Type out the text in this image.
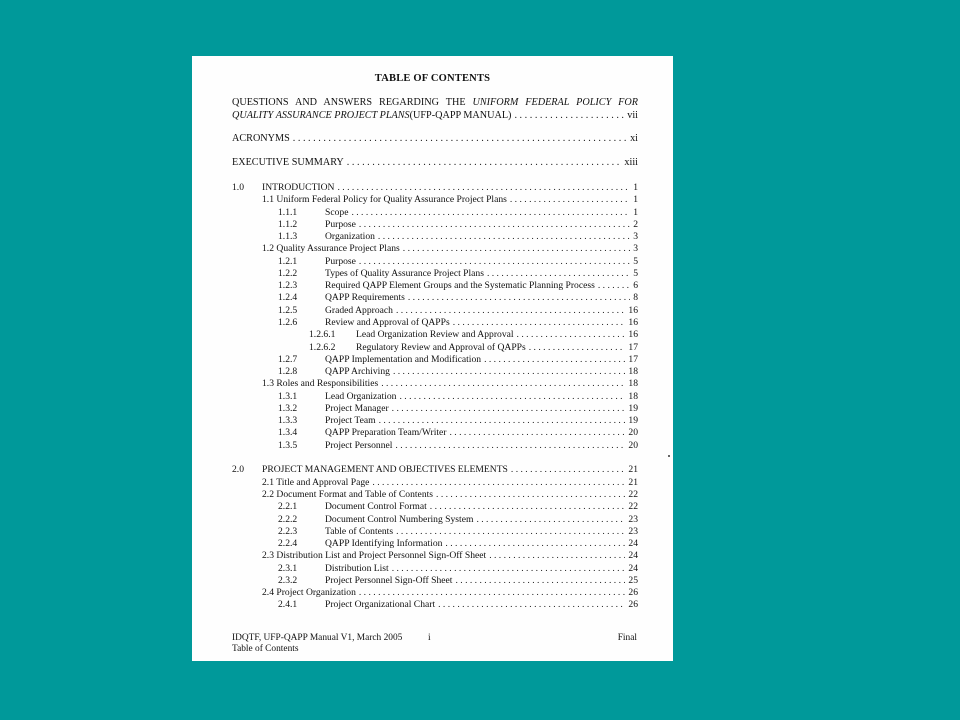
TABLE OF CONTENTS
QUESTIONS AND ANSWERS REGARDING THE UNIFORM FEDERAL POLICY FOR
QUALITY ASSURANCE PROJECT PLANS (UFP-QAPP MANUAL) . . .	vii
ACRONYMS . . .	xi
EXECUTIVE SUMMARY . . .	xiii
1.0 INTRODUCTION . . .	1
1.1 Uniform Federal Policy for Quality Assurance Project Plans . . .	1
1.1.1	Scope . . .	1
1.1.2	Purpose . . .	2
1.1.3	Organization . . .	3
1.2 Quality Assurance Project Plans . . .	3
1.2.1	Purpose . . .	5
1.2.2	Types of Quality Assurance Project Plans . . .	5
1.2.3	Required QAPP Element Groups and the Systematic Planning Process . . .	6
1.2.4	QAPP Requirements . . .	8
1.2.5	Graded Approach . . .	16
1.2.6	Review and Approval of QAPPs . . .	16
1.2.6.1 Lead Organization Review and Approval . . .	16
1.2.6.2 Regulatory Review and Approval of QAPPs . . .	17
1.2.7	QAPP Implementation and Modification . . .	17
1.2.8	QAPP Archiving . . .	18
1.3 Roles and Responsibilities . . .	18
1.3.1	Lead Organization . . .	18
1.3.2	Project Manager . . .	19
1.3.3	Project Team . . .	19
1.3.4	QAPP Preparation Team/Writer . . .	20
1.3.5	Project Personnel . . .	20
2.0 PROJECT MANAGEMENT AND OBJECTIVES ELEMENTS . . .	21
2.1 Title and Approval Page . . .	21
2.2 Document Format and Table of Contents . . .	22
2.2.1	Document Control Format . . .	22
2.2.2	Document Control Numbering System . . .	23
2.2.3	Table of Contents . . .	23
2.2.4	QAPP Identifying Information . . .	24
2.3 Distribution List and Project Personnel Sign-Off Sheet . . .	24
2.3.1	Distribution List . . .	24
2.3.2	Project Personnel Sign-Off Sheet . . .	25
2.4 Project Organization . . .	26
2.4.1	Project Organizational Chart . . .	26
IDQTF, UFP-QAPP Manual V1, March 2005	Final
i
Table of Contents
